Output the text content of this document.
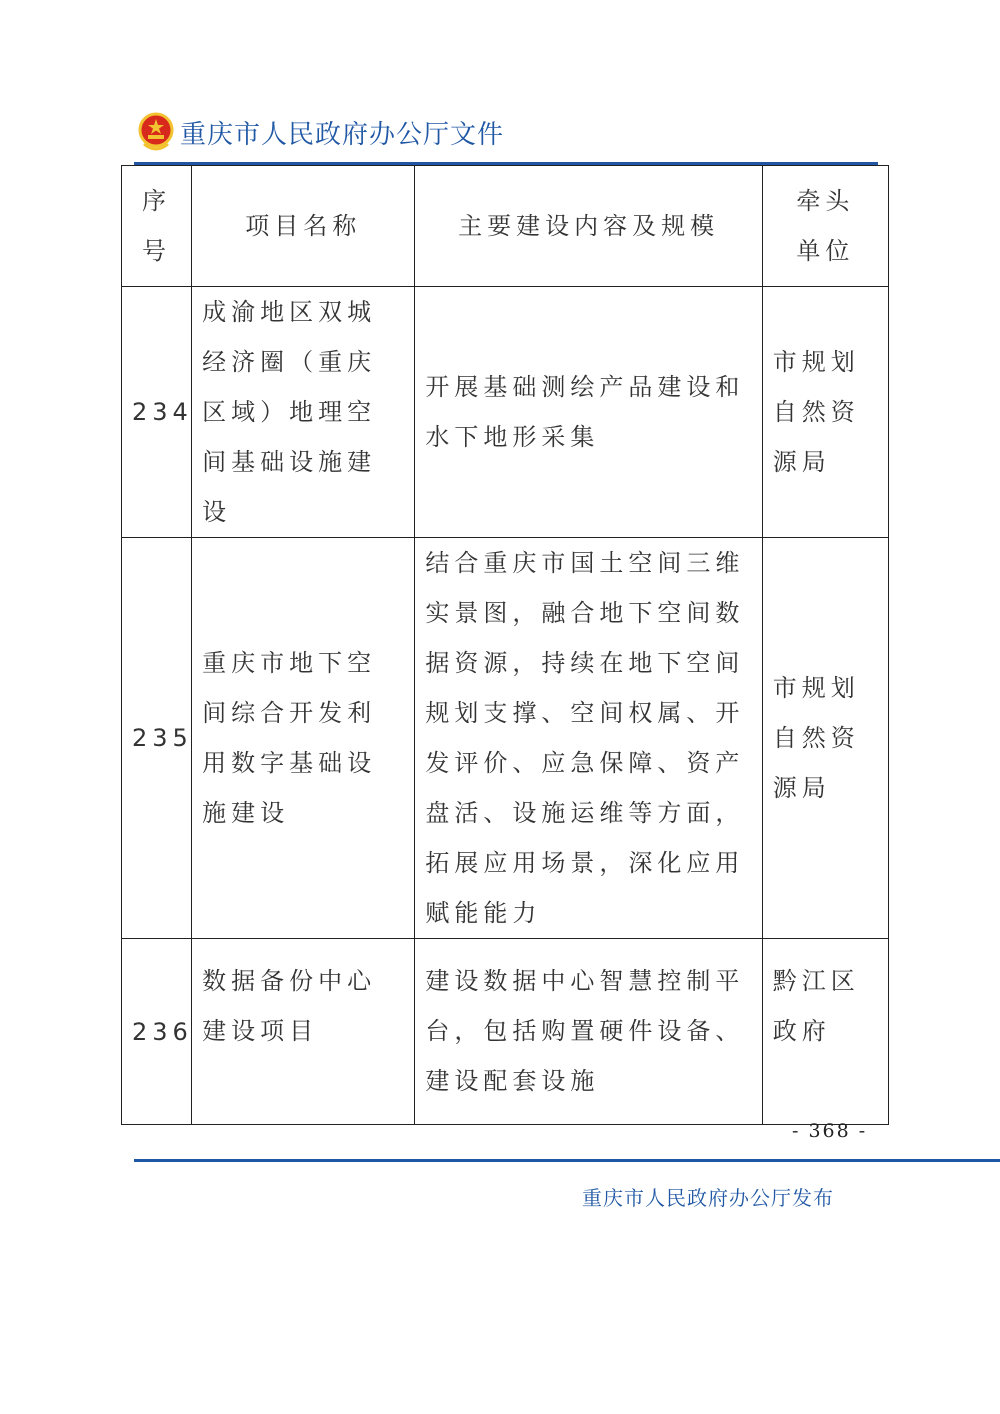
重庆市人民政府办公厅文件
序号	项目名称	主要建设内容及规模	牵头单位
234	成渝地区双城经济圈（重庆区域）地理空间基础设施建设	开展基础测绘产品建设和水下地形采集	市规划自然资源局
235	重庆市地下空间综合开发利用数字基础设施建设	结合重庆市国土空间三维实景图，融合地下空间数据资源，持续在地下空间规划支撑、空间权属、开发评价、应急保障、资产盘活、设施运维等方面，拓展应用场景，深化应用赋能能力	市规划自然资源局
236	数据备份中心建设项目	建设数据中心智慧控制平台，包括购置硬件设备、建设配套设施	黔江区政府
- 368 -
重庆市人民政府办公厅发布
